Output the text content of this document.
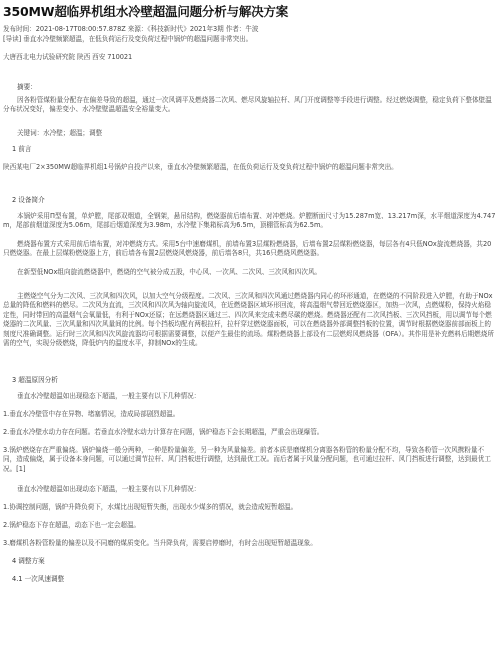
350MW超临界机组水冷壁超温问题分析与解决方案
发布时间：2021-08-17T08:00:57.878Z 来源：《科技新时代》2021年3期 作者：牛波
[导读] 垂直水冷壁频繁超温，在低负荷运行及变负荷过程中锅炉的超温问题非常突出。
大唐西北电力试验研究院 陕西 西安 710021
摘要：
因各粉管煤粉量分配存在偏差导致的超温，通过一次风调平及燃烧器二次风、燃尽风旋轴拉杆、风门开度调整等手段进行调整。经过燃烧调整，稳定负荷下整体壁温分布状况变好，偏差变小、水冷壁壁温超温安全裕量变大。
关键词：水冷壁；超温；调整
1 前言
陕西某电厂2×350MW超临界机组1号锅炉自投产以来，垂直水冷壁频繁超温，在低负荷运行及变负荷过程中锅炉的超温问题非常突出。
2 设备简介
本锅炉采用Π型布置，单炉膛，尾部双烟道，全钢架，悬吊结构，燃烧器前后墙布置、对冲燃烧。炉膛断面尺寸为15.287m宽、13.217m深，水平烟道深度为4.747m，尾部前烟道深度为5.06m，尾部后烟道深度为3.98m，水冷壁下集箱标高为6.5m，顶棚管标高为62.5m。
燃烧器布置方式采用前后墙布置，对冲燃烧方式。采用5台中速磨煤机，前墙布置3层煤粉燃烧器，后墙布置2层煤粉燃烧器，每层各有4只低NOx旋流燃烧器，共20只燃烧器。在最上层煤粉燃烧器上方，前后墙各布置2层燃烧风燃烧器，前后墙各8只，共16只燃烧风燃烧器。
在新型低NOx组向旋流燃烧器中，燃烧的空气被分成五股，中心风、一次风、二次风、三次风和四次风。
主燃烧空气分为二次风、三次风和四次风，以加大空气分级程度。二次风、三次风和四次风通过燃烧器内同心的环形通道，在燃烧的不同阶段进入炉膛，有助于NOx总量的降低和燃料的燃尽。二次风为直流，三次风和四次风为轴向旋流风，在近燃烧器区域环形回流，将高温烟气带回近燃烧器区，加热一次风，点燃煤粉，保持火焰稳定性，同时带回的高温烟气会氧量低，有利于NOx还原；在远燃烧器区通过三、四次风来完成未燃尽碳的燃烧。燃烧器还配有二次风挡板、三次风挡板，用以调节每个燃烧器的二次风量、三次风量和四次风量间的比例。每个挡板均配有两根拉杆，拉杆穿过燃烧器面板，可以在燃烧器外部调整挡板的位置，调节时根据燃烧器前部面板上的刻度尺准确调整。运行时三次风和四次风旋流器均可根据需要调整，以便产生最佳的流场。煤粉燃烧器上部设有二层燃烬风燃烧器（OFA）。其作用是补充燃料后期燃烧所需的空气，实现分级燃烧，降低炉内的温度水平，抑制NOx的生成。
3 超温原因分析
垂直水冷壁超温如出现稳态下超温，一般主要有以下几种情况：
1.垂直水冷壁管中存在异物、堵塞情况，造成局部剧烈超温。
2.垂直水冷壁水动力存在问题。若垂直水冷壁水动力计算存在问题，锅炉稳态下会长期超温，严重会出现爆管。
3.锅炉燃烧存在严重偏烧。锅炉偏烧一般分两种，一种是粉量偏差，另一种为风量偏差。前者本质是磨煤机分离器各粉管的粉量分配不均，导致各粉管一次风携粉量不同，造成偏烧，属于设备本身问题，可以通过调节拉杆、风门挡板进行调整，达到最优工况。而后者属于风量分配问题，也可通过拉杆、风门挡板进行调整，达到最优工况。[1]
垂直水冷壁超温如出现动态下超温，一般主要有以下几种情况：
1.协调控制问题，锅炉升降负荷下，水煤比出现短暂失衡，出现水少煤多的情况，就会造成短暂超温。
2.锅炉稳态下存在超温，动态下也一定会超温。
3.磨煤机各粉管粉量的偏差以及不同磨的煤质变化。当升降负荷，需要启停磨时，有时会出现短暂超温现象。
4 调整方案
4.1 一次风速调整
